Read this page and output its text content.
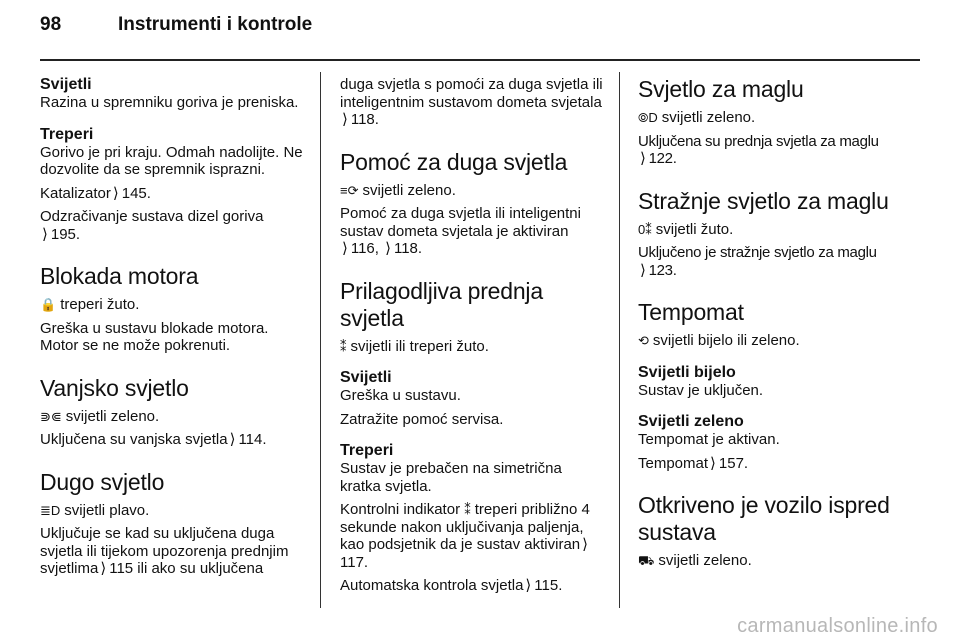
98	Instrumenti i kontrole
Svijetli

Razina u spremniku goriva je preniska.

Treperi

Gorivo je pri kraju. Odmah nadolijte. Ne dozvolite da se spremnik isprazni.

Katalizator ⟩ 145.

Odzračivanje sustava dizel goriva
⟩ 195.

Blokada motora

🔒 treperi žuto.

Greška u sustavu blokade motora. Motor se ne može pokrenuti.

Vanjsko svjetlo

⋑⋐ svijetli zeleno.

Uključena su vanjska svjetla ⟩ 114.

Dugo svjetlo

≣D svijetli plavo.

Uključuje se kad su uključena duga svjetla ili tijekom upozorenja prednjim svjetlima ⟩ 115 ili ako su uključena

duga svjetla s pomoći za duga svjetla ili inteligentnim sustavom dometa svjetala⟩ 118.

Pomoć za duga svjetla

≡⟳ svijetli zeleno.

Pomoć za duga svjetla ili inteligentni sustav dometa svjetala je aktiviran
⟩ 116, ⟩ 118.

Prilagodljiva prednja svjetla

⁑ svijetli ili treperi žuto.

Svijetli

Greška u sustavu.

Zatražite pomoć servisa.

Treperi

Sustav je prebačen na simetrična kratka svjetla.

Kontrolni indikator ⁑ treperi približno 4 sekunde nakon uključivanja paljenja, kao podsjetnik da je sustav aktiviran ⟩117.

Automatska kontrola svjetla ⟩ 115.

Svjetlo za maglu

⦾D svijetli zeleno.

Uključena su prednja svjetla za maglu
⟩ 122.

Stražnje svjetlo za maglu

0⁑ svijetli žuto.

Uključeno je stražnje svjetlo za maglu
⟩ 123.

Tempomat

⟲ svijetli bijelo ili zeleno.

Svijetli bijelo

Sustav je uključen.

Svijetli zeleno

Tempomat je aktivan.

Tempomat ⟩ 157.

Otkriveno je vozilo ispred sustava

⛟ svijetli zeleno.

carmanualsonline.info
